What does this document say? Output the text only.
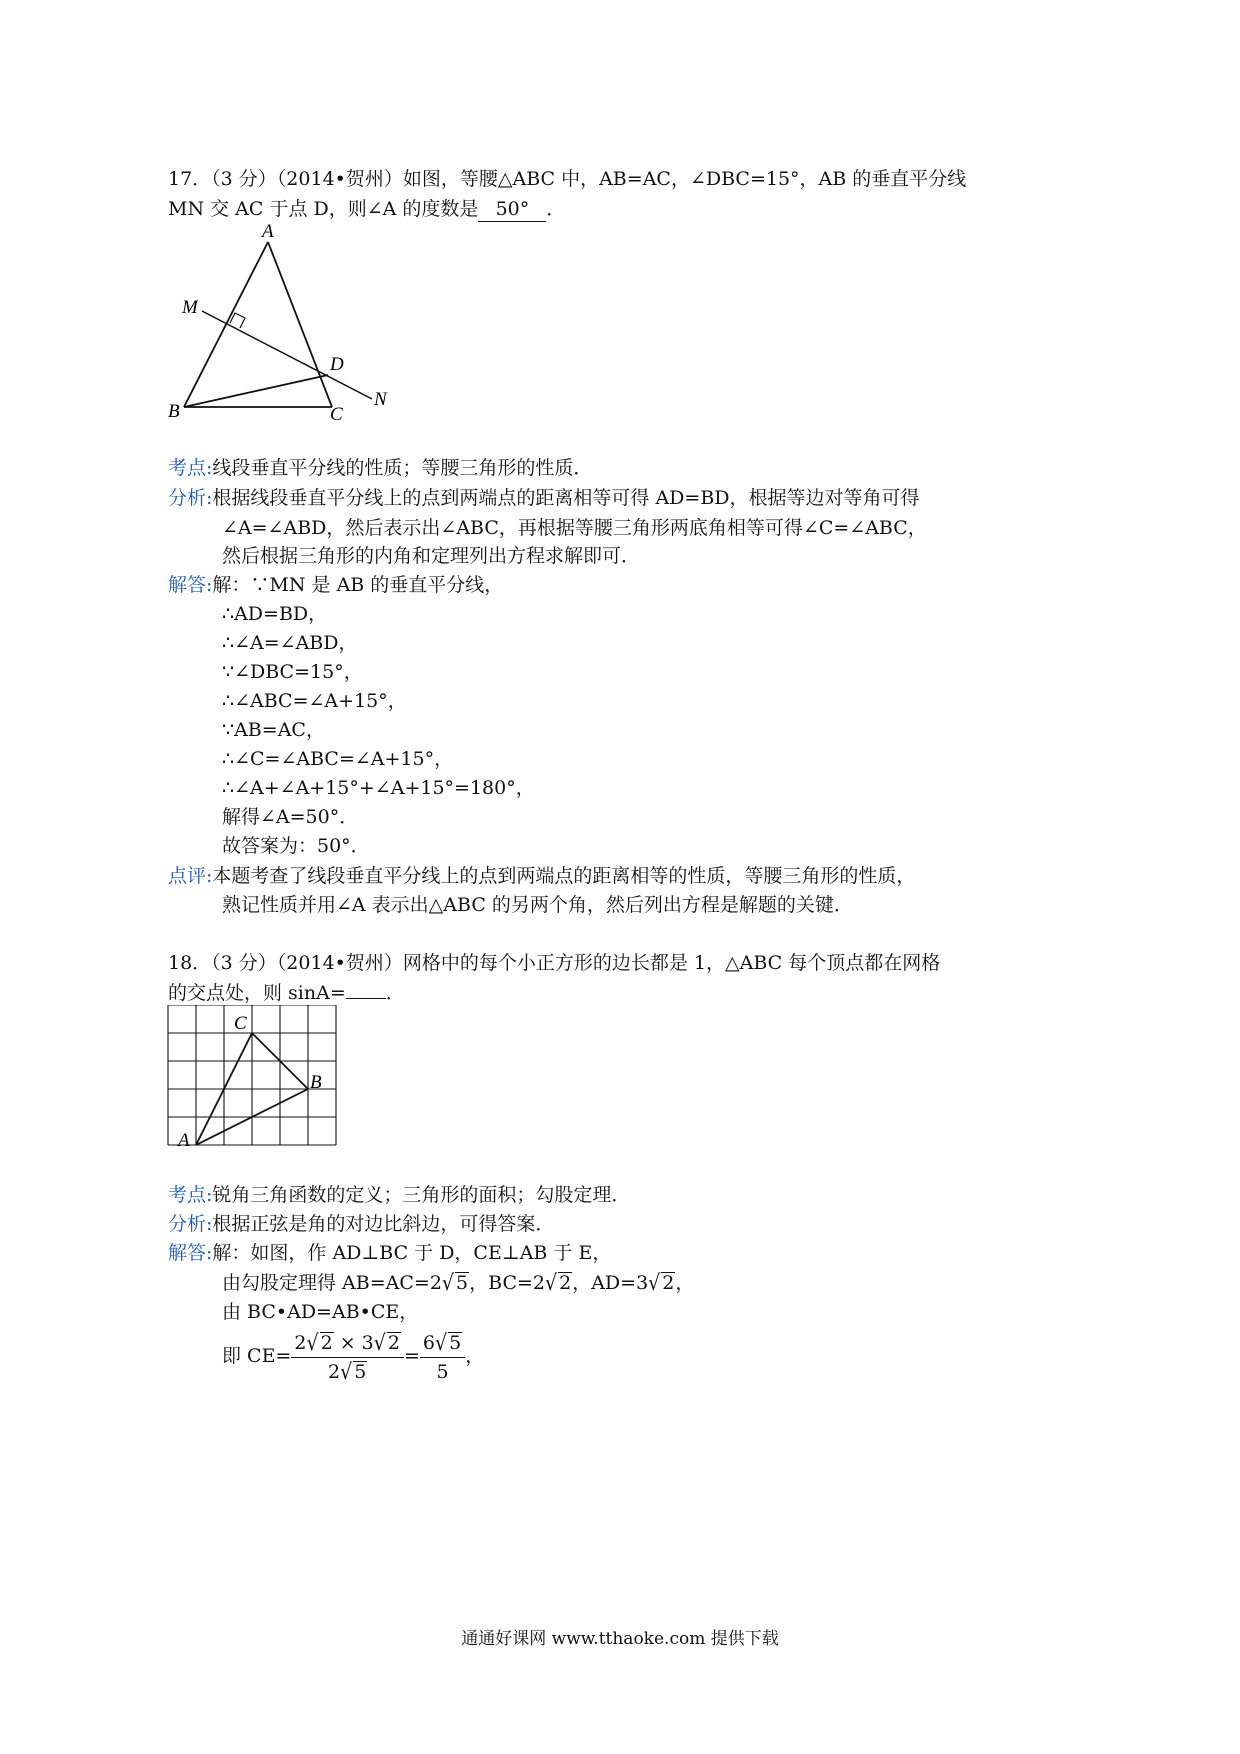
17．（3 分）（2014•贺州）如图，等腰△ABC 中，AB=AC，∠DBC=15°，AB 的垂直平分线
MN 交 AC 于点 D，则∠A 的度数是 50° ．
A
M
D
N
B	C
考点:线段垂直平分线的性质；等腰三角形的性质．
分析:根据线段垂直平分线上的点到两端点的距离相等可得 AD=BD，根据等边对等角可得
∠A=∠ABD，然后表示出∠ABC，再根据等腰三角形两底角相等可得∠C=∠ABC，
然后根据三角形的内角和定理列出方程求解即可．
解答:解：∵MN 是 AB 的垂直平分线，
∴AD=BD，
∴∠A=∠ABD，
∵∠DBC=15°，
∴∠ABC=∠A+15°，
∵AB=AC，
∴∠C=∠ABC=∠A+15°，
∴∠A+∠A+15°+∠A+15°=180°，
解得∠A=50°．
故答案为：50°．
点评:本题考查了线段垂直平分线上的点到两端点的距离相等的性质，等腰三角形的性质，
熟记性质并用∠A 表示出△ABC 的另两个角，然后列出方程是解题的关键．
18．（3 分）（2014•贺州）网格中的每个小正方形的边长都是 1，△ABC 每个顶点都在网格
的交点处，则 sinA= ．
A
B
C
考点:锐角三角函数的定义；三角形的面积；勾股定理．
分析:根据正弦是角的对边比斜边，可得答案．
解答:解：如图，作 AD⊥BC 于 D，CE⊥AB 于 E，
由勾股定理得 AB=AC=2√ 5，BC=2√ 2，AD=3√ 2，
由 BC•AD=AB•CE，
即 $CE= \frac{2√ 2 \times 3√ 2}{2√ 5} = \frac{6√ 5}{5}$ ，
通通好课网 www.tthaoke.com 提供下载
